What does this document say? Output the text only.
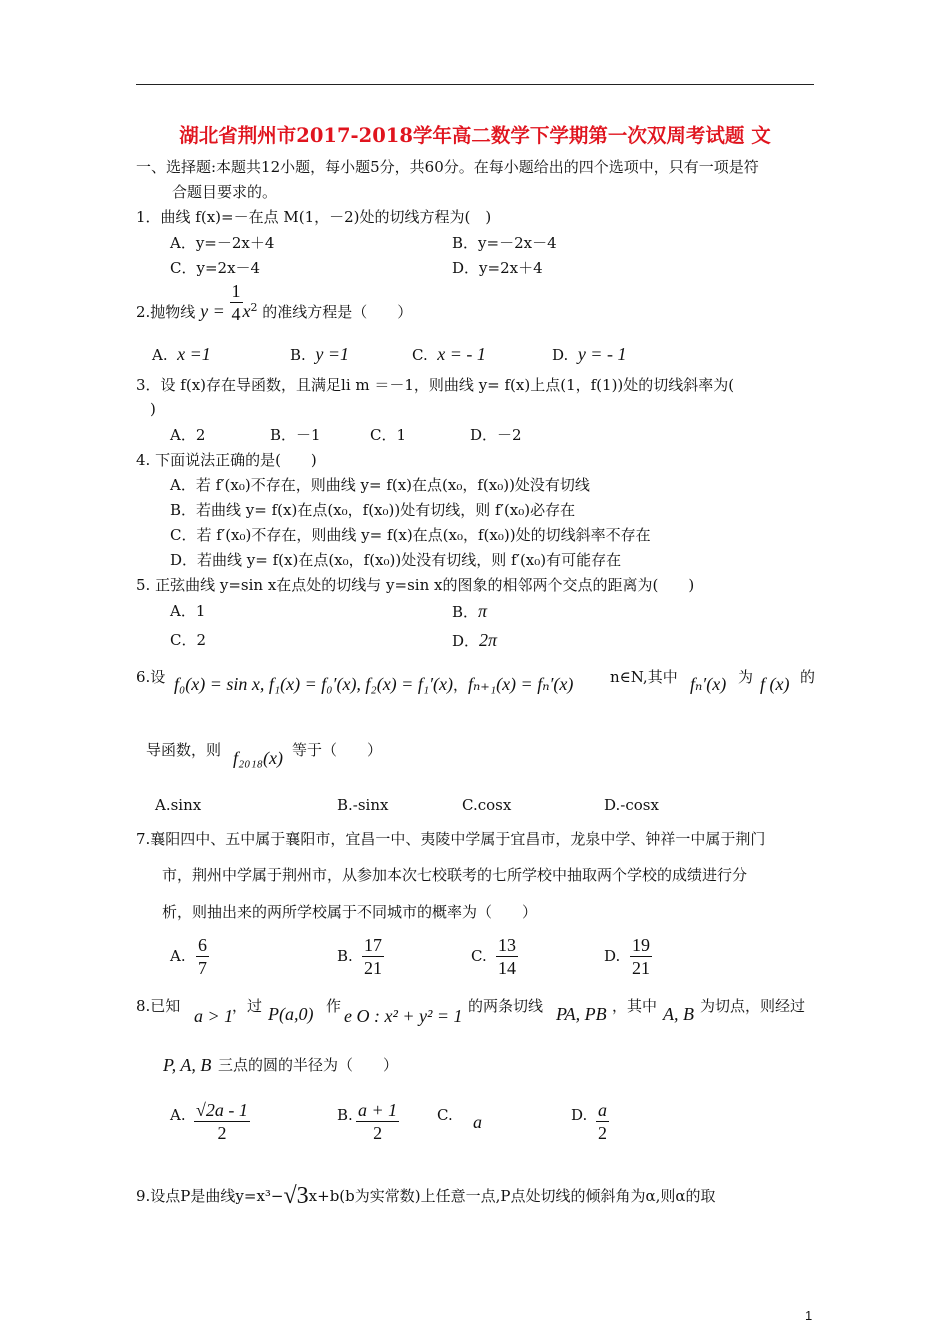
湖北省荆州市2017-2018学年高二数学下学期第一次双周考试题 文
一、选择题:本题共12小题，每小题5分，共60分。在每小题给出的四个选项中，只有一项是符
合题目要求的。
1．曲线 f(x)=－在点 M(1，－2)处的切线方程为(　)
A．y=－2x＋4	B．y=－2x－4
C．y=2x－4	D．y=2x＋4
2.抛物线 $y = \frac{1}{4} x^2$ 的准线方程是（　　）
A. x =1	B. y =1	C. x = - 1	D. y = - 1
3．设 f(x)存在导函数，且满足li m ＝－1，则曲线 y= f(x)上点(1，f(1))处的切线斜率为(
)
A．2	B．－1	C．1	D．－2
4. 下面说法正确的是(　　)
A．若 f′(x₀)不存在，则曲线 y= f(x)在点(x₀，f(x₀))处没有切线
B．若曲线 y= f(x)在点(x₀，f(x₀))处有切线，则 f′(x₀)必存在
C．若 f′(x₀)不存在，则曲线 y= f(x)在点(x₀，f(x₀))处的切线斜率不存在
D．若曲线 y= f(x)在点(x₀，f(x₀))处没有切线，则 f′(x₀)有可能存在
5. 正弦曲线 y=sin x在点处的切线与 y=sin x的图象的相邻两个交点的距离为(　　)
A．1	B．π
C．2	D．2π
6.设 f₀(x) = sin x, f₁(x) = f₀′(x), f₂(x) = f₁′(x)，fₙ₊₁(x) = fₙ′(x) n∈N,其中 fₙ′(x) 为 f (x) 的
导函数，则 f₂₀₁₈(x) 等于（　　）
A.sinx	B.-sinx	C.cosx	D.-cosx
7.襄阳四中、五中属于襄阳市，宜昌一中、夷陵中学属于宜昌市，龙泉中学、钟祥一中属于荆门
市，荆州中学属于荆州市，从参加本次七校联考的七所学校中抽取两个学校的成绩进行分
析，则抽出来的两所学校属于不同城市的概率为（　　）
A. $\frac{6}{7}$	B. $\frac{17}{21}$	C. $\frac{13}{14}$	D. $\frac{19}{21}$
8.已知 a > 1
，过 P(a,0) 作 e O : x² + y² = 1 的两条切线 PA, PB ，其中 A, B 为切点，则经过
P, A, B 三点的圆的半径为（　　）
A. $\frac{√2a - 1}{2}$	B. $\frac{a + 1}{2}$	C. a	D. $\frac{a}{2}$
9.设点P是曲线y=x³−√3x+b(b为实常数)上任意一点,P点处切线的倾斜角为α,则α的取
1
